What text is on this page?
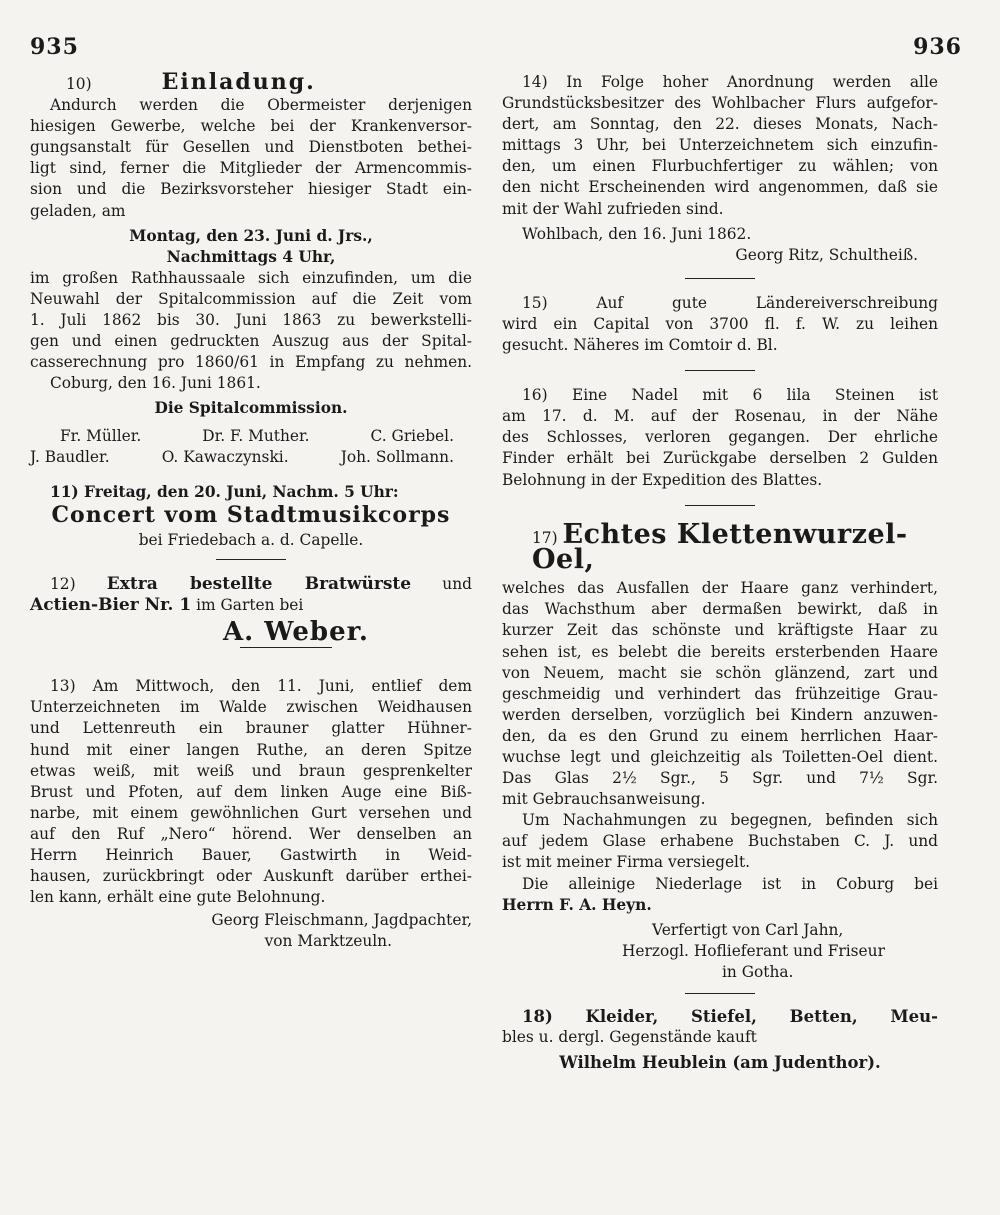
935	936

10)	Einladung.

Andurch werden die Obermeister derjenigen

hiesigen Gewerbe, welche bei der Krankenversor-

gungsanstalt für Gesellen und Dienstboten bethei-

ligt sind, ferner die Mitglieder der Armencommis-

sion und die Bezirksvorsteher hiesiger Stadt ein-

geladen, am

Montag, den 23. Juni d. Jrs.,

Nachmittags 4 Uhr,

im großen Rathhaussaale sich einzufinden, um die

Neuwahl der Spitalcommission auf die Zeit vom

1. Juli 1862 bis 30. Juni 1863 zu bewerkstelli-

gen und einen gedruckten Auszug aus der Spital-

casserechnung pro 1860/61 in Empfang zu nehmen.

Coburg, den 16. Juni 1861.

Die Spitalcommission.

Fr. Müller.	Dr. F. Muther.	C. Griebel.
J. Baudler.	O. Kawaczynski.	Joh. Sollmann.

11) Freitag, den 20. Juni, Nachm. 5 Uhr:

Concert vom Stadtmusikcorps

bei Friedebach a. d. Capelle.

12) Extra bestellte Bratwürste und

Actien-Bier Nr. 1 im Garten bei

A. Weber.

13) Am Mittwoch, den 11. Juni, entlief dem

Unterzeichneten im Walde zwischen Weidhausen

und Lettenreuth ein brauner glatter Hühner-

hund mit einer langen Ruthe, an deren Spitze

etwas weiß, mit weiß und braun gesprenkelter

Brust und Pfoten, auf dem linken Auge eine Biß-

narbe, mit einem gewöhnlichen Gurt versehen und

auf den Ruf „Nero“ hörend. Wer denselben an

Herrn Heinrich Bauer, Gastwirth in Weid-

hausen, zurückbringt oder Auskunft darüber erthei-

len kann, erhält eine gute Belohnung.

Georg Fleischmann, Jagdpachter,

von Marktzeuln.

14) In Folge hoher Anordnung werden alle

Grundstücksbesitzer des Wohlbacher Flurs aufgefor-

dert, am Sonntag, den 22. dieses Monats, Nach-

mittags 3 Uhr, bei Unterzeichnetem sich einzufin-

den, um einen Flurbuchfertiger zu wählen; von

den nicht Erscheinenden wird angenommen, daß sie

mit der Wahl zufrieden sind.

Wohlbach, den 16. Juni 1862.

Georg Ritz, Schultheiß.

15) Auf gute Ländereiverschreibung

wird ein Capital von 3700 fl. f. W. zu leihen

gesucht. Näheres im Comtoir d. Bl.

16) Eine Nadel mit 6 lila Steinen ist

am 17. d. M. auf der Rosenau, in der Nähe

des Schlosses, verloren gegangen. Der ehrliche

Finder erhält bei Zurückgabe derselben 2 Gulden

Belohnung in der Expedition des Blattes.

17) Echtes Klettenwurzel-Oel,

welches das Ausfallen der Haare ganz verhindert,

das Wachsthum aber dermaßen bewirkt, daß in

kurzer Zeit das schönste und kräftigste Haar zu

sehen ist, es belebt die bereits ersterbenden Haare

von Neuem, macht sie schön glänzend, zart und

geschmeidig und verhindert das frühzeitige Grau-

werden derselben, vorzüglich bei Kindern anzuwen-

den, da es den Grund zu einem herrlichen Haar-

wuchse legt und gleichzeitig als Toiletten-Oel dient.

Das Glas 2½ Sgr., 5 Sgr. und 7½ Sgr.

mit Gebrauchsanweisung.

Um Nachahmungen zu begegnen, befinden sich

auf jedem Glase erhabene Buchstaben C. J. und

ist mit meiner Firma versiegelt.

Die alleinige Niederlage ist in Coburg bei

Herrn F. A. Heyn.

Verfertigt von Carl Jahn,

Herzogl. Hoflieferant und Friseur

in Gotha.

18) Kleider, Stiefel, Betten, Meu-

bles u. dergl. Gegenstände kauft

Wilhelm Heublein (am Judenthor).
